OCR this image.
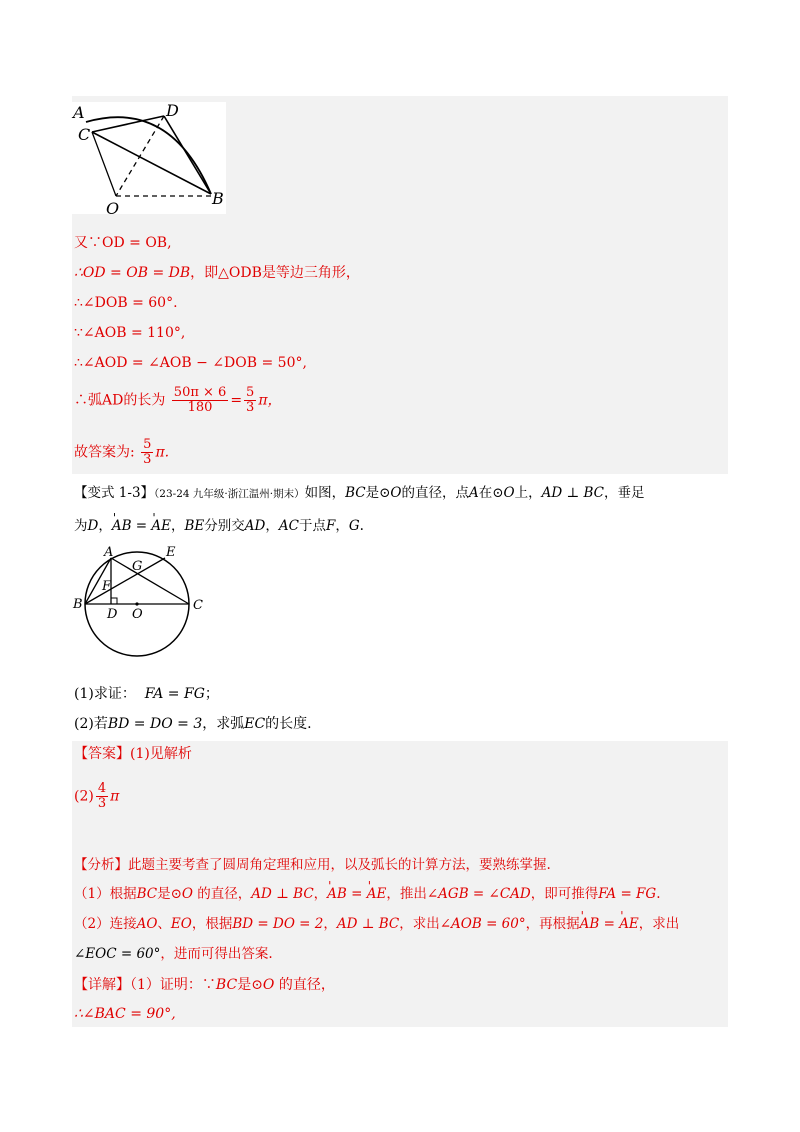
A
C
D
O
B
又∵OD = OB,
∴OD = OB = DB，即△ODB是等边三角形，
∴∠DOB = 60°.
∵∠AOB = 110°,
∴∠AOD = ∠AOB − ∠DOB = 50°,
∴弧AD的长为 $\frac{50\pi \times 6}{180} = \frac{5}{3}$ π，
故答案为: $\frac{5}{3} \pi$.
【变式 1-3】（23-24 九年级·浙江温州·期末）如图，BC是⊙O的直径，点A在⊙O上，AD ⊥ BC，垂足
为D，' AB = ' AE，BE分别交AD，AC于点F，G.
A	E
G
F
B
D O
C
(1)求证： FA = FG；
(2)若BD = DO = 3，求弧EC的长度.
【答案】(1)见解析
$(2) \frac{4}{3}$ π
【分析】此题主要考查了圆周角定理和应用，以及弧长的计算方法，要熟练掌握.
（1）根据BC是⊙O 的直径，AD ⊥ BC，' AB = ' AE，推出∠AGB = ∠CAD，即可推得FA = FG.
（2）连接AO、EO，根据BD = DO = 2，AD ⊥ BC，求出∠AOB = 60°，再根据' AB = ' AE，求出
∠EOC = 60°，进而可得出答案.
【详解】（1）证明：∵BC是⊙O 的直径，
∴∠BAC = 90°,
